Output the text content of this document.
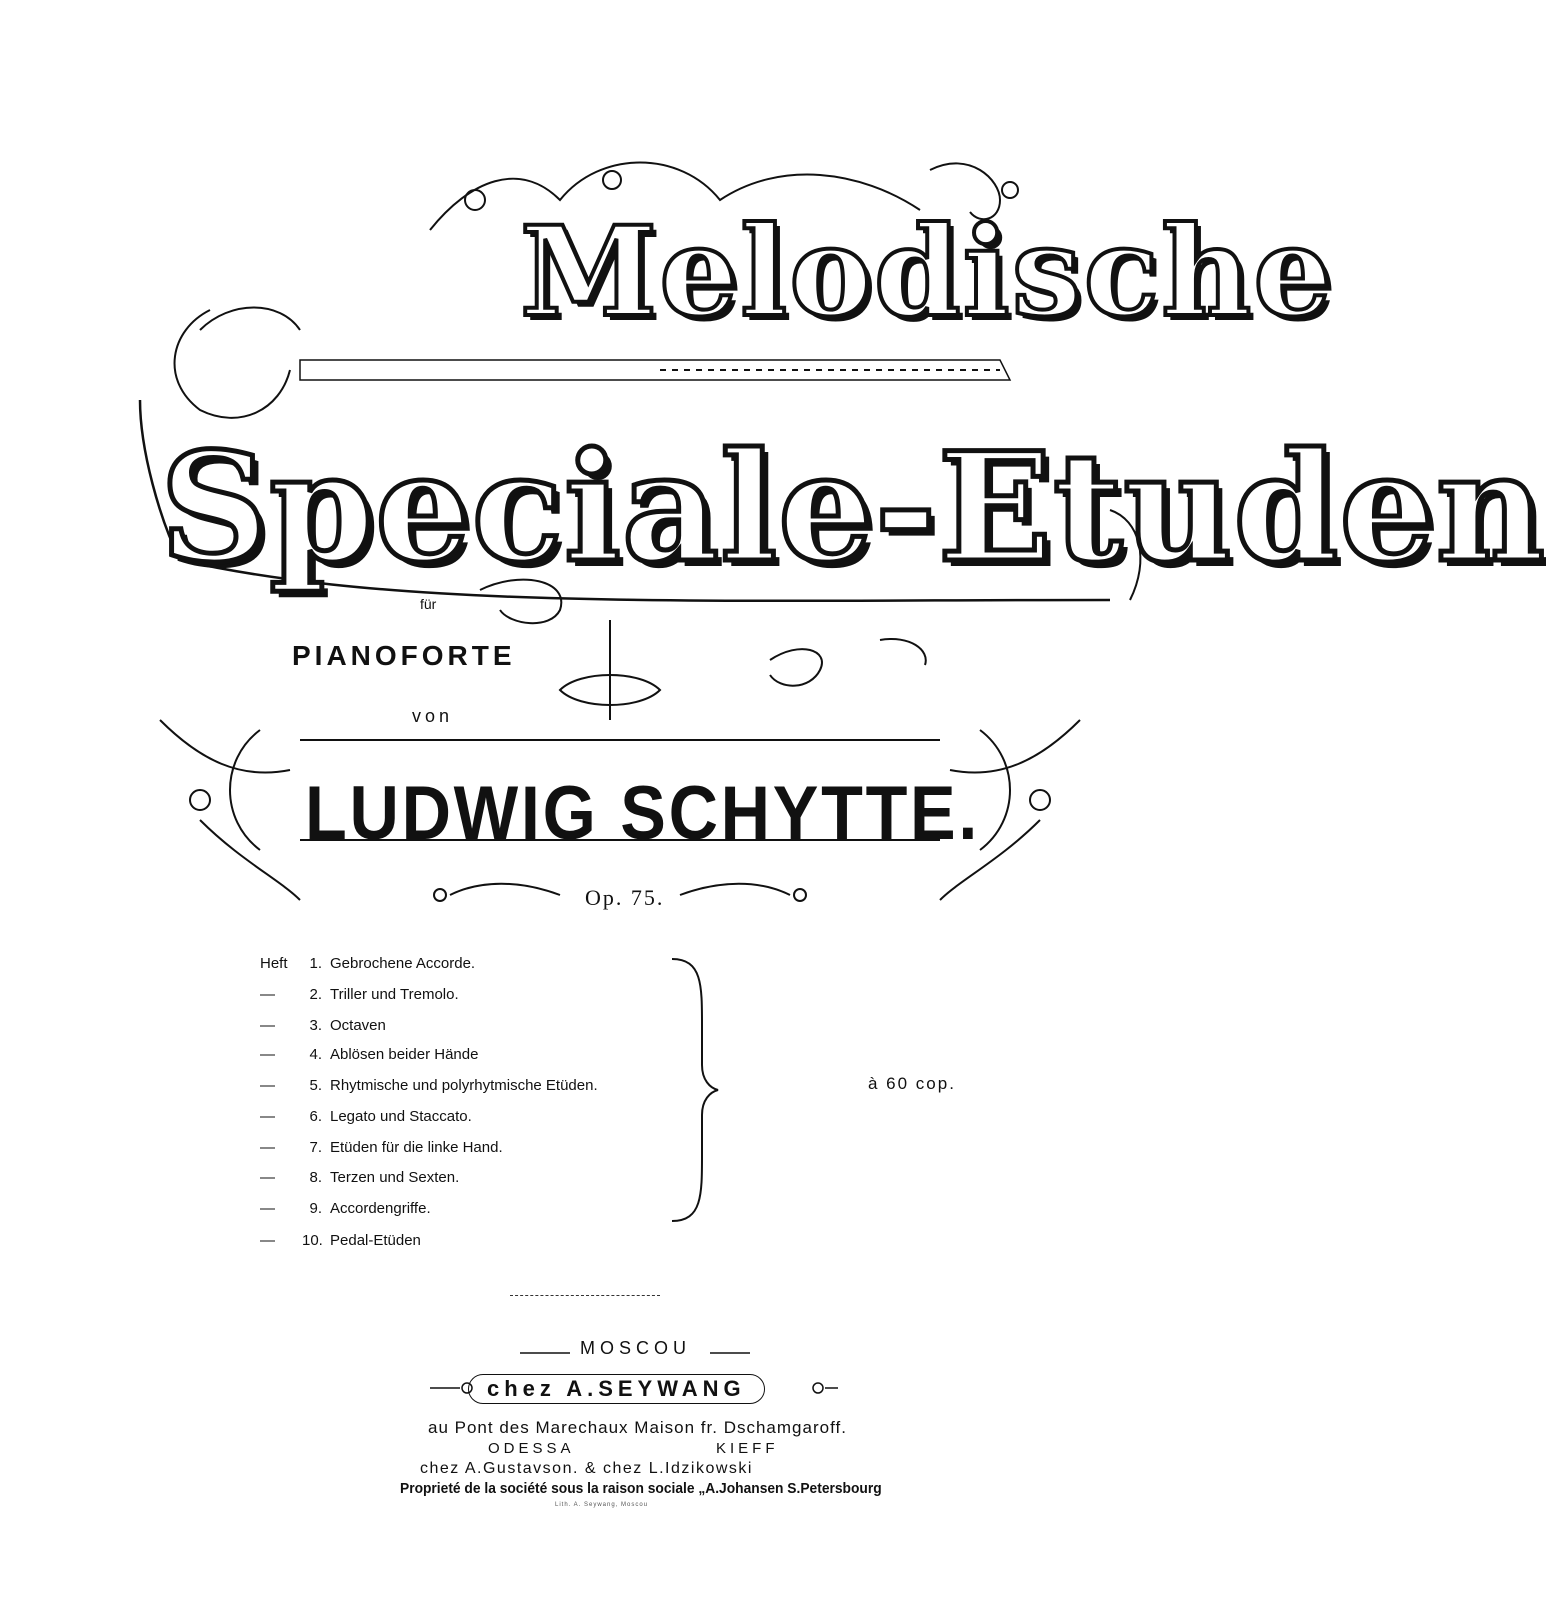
Melodische
Speciale-Etuden
für
PIANOFORTE
von
LUDWIG SCHYTTE.
Op. 75.
Heft 1. Gebrochene Accorde.
— 2. Triller und Tremolo.
— 3. Octaven
— 4. Ablösen beider Hände
— 5. Rhytmische und polyrhytmische Etüden.
— 6. Legato und Staccato.
— 7. Etüden für die linke Hand.
— 8. Terzen und Sexten.
— 9. Accordengriffe.
— 10. Pedal-Etüden
à 60 cop.
MOSCOU
chez A.SEYWANG
au Pont des Marechaux Maison fr. Dschamgaroff.
ODESSA	KIEFF
chez A.Gustavson. & chez L.Idzikowski
Proprieté de la société sous la raison sociale „A.Johansen S.Petersbourg
Lith. A. Seywang, Moscou
